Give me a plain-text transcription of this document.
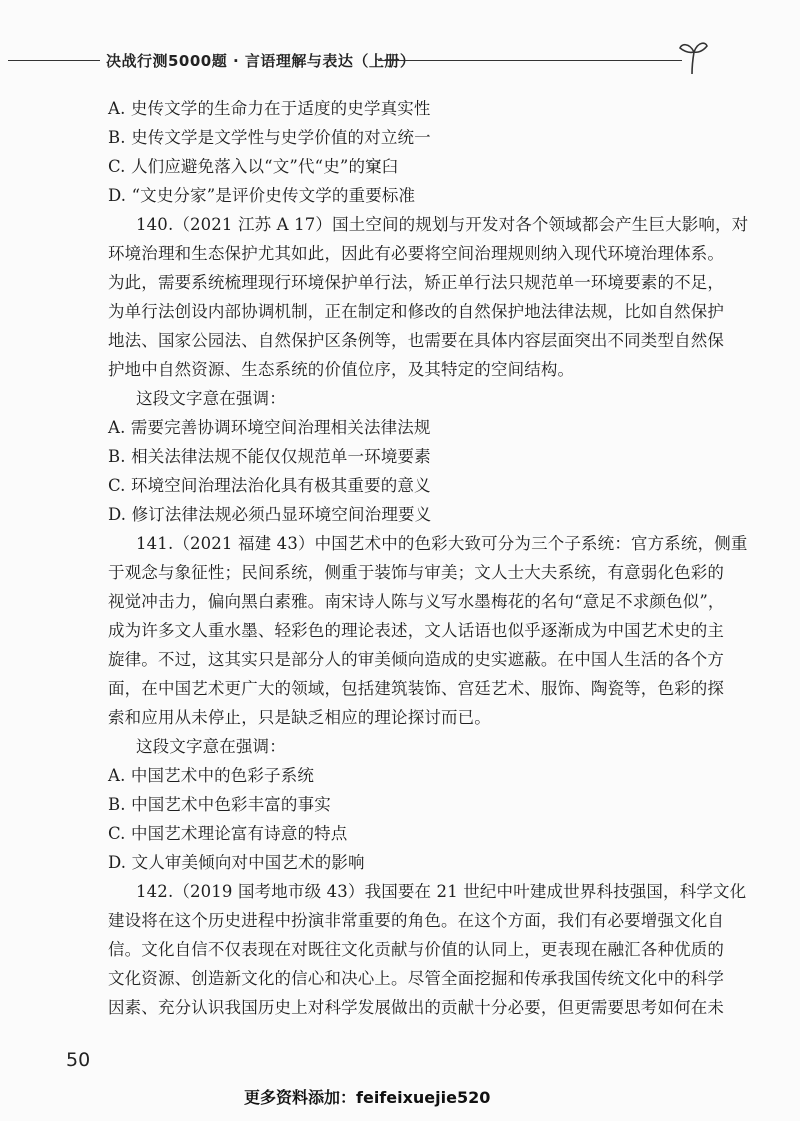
决战行测5000题 · 言语理解与表达（上册）
A. 史传文学的生命力在于适度的史学真实性
B. 史传文学是文学性与史学价值的对立统一
C. 人们应避免落入以“文”代“史”的窠臼
D. “文史分家”是评价史传文学的重要标准
140.（2021 江苏 A 17）国土空间的规划与开发对各个领域都会产生巨大影响，对
环境治理和生态保护尤其如此，因此有必要将空间治理规则纳入现代环境治理体系。
为此，需要系统梳理现行环境保护单行法，矫正单行法只规范单一环境要素的不足，
为单行法创设内部协调机制，正在制定和修改的自然保护地法律法规，比如自然保护
地法、国家公园法、自然保护区条例等，也需要在具体内容层面突出不同类型自然保
护地中自然资源、生态系统的价值位序，及其特定的空间结构。
这段文字意在强调：
A. 需要完善协调环境空间治理相关法律法规
B. 相关法律法规不能仅仅规范单一环境要素
C. 环境空间治理法治化具有极其重要的意义
D. 修订法律法规必须凸显环境空间治理要义
141.（2021 福建 43）中国艺术中的色彩大致可分为三个子系统：官方系统，侧重
于观念与象征性；民间系统，侧重于装饰与审美；文人士大夫系统，有意弱化色彩的
视觉冲击力，偏向黑白素雅。南宋诗人陈与义写水墨梅花的名句“意足不求颜色似”，
成为许多文人重水墨、轻彩色的理论表述，文人话语也似乎逐渐成为中国艺术史的主
旋律。不过，这其实只是部分人的审美倾向造成的史实遮蔽。在中国人生活的各个方
面，在中国艺术更广大的领域，包括建筑装饰、宫廷艺术、服饰、陶瓷等，色彩的探
索和应用从未停止，只是缺乏相应的理论探讨而已。
这段文字意在强调：
A. 中国艺术中的色彩子系统
B. 中国艺术中色彩丰富的事实
C. 中国艺术理论富有诗意的特点
D. 文人审美倾向对中国艺术的影响
142.（2019 国考地市级 43）我国要在 21 世纪中叶建成世界科技强国，科学文化
建设将在这个历史进程中扮演非常重要的角色。在这个方面，我们有必要增强文化自
信。文化自信不仅表现在对既往文化贡献与价值的认同上，更表现在融汇各种优质的
文化资源、创造新文化的信心和决心上。尽管全面挖掘和传承我国传统文化中的科学
因素、充分认识我国历史上对科学发展做出的贡献十分必要，但更需要思考如何在未
50
更多资料添加：feifeixuejie520
